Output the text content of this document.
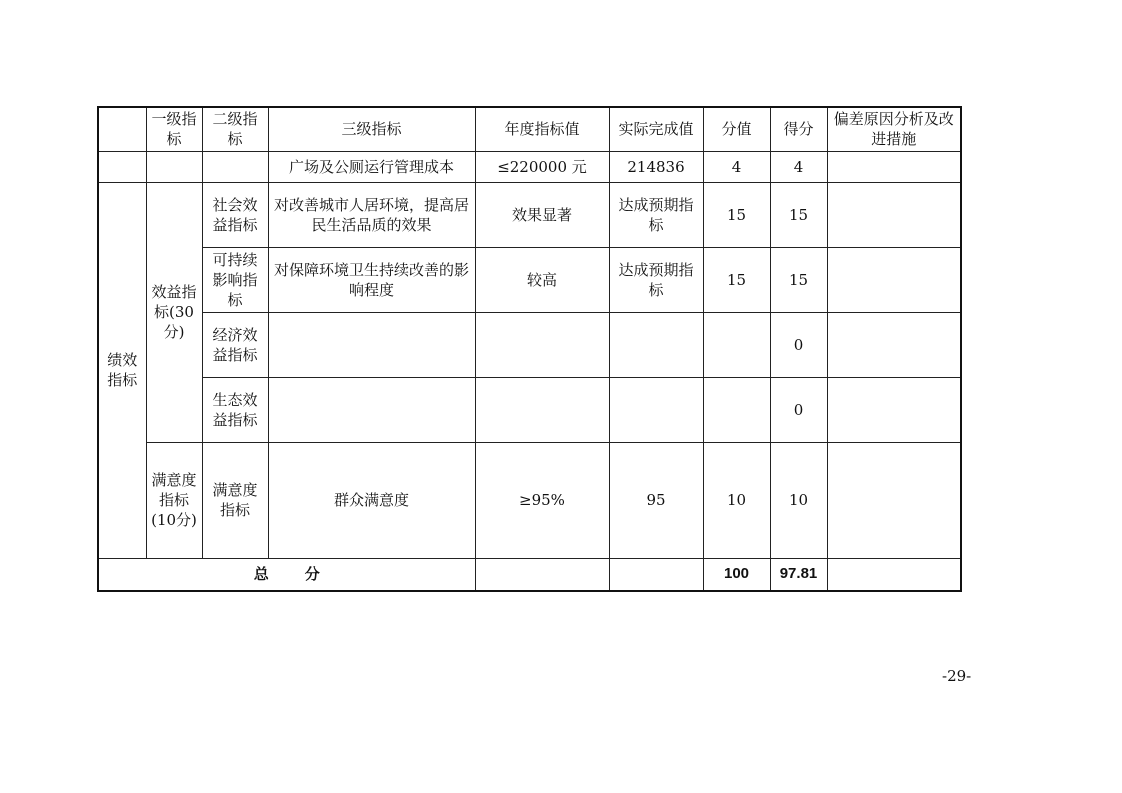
	一级指标	二级指标	三级指标	年度指标值	实际完成值	分值	得分	偏差原因分析及改进措施
			广场及公厕运行管理成本	≤220000 元	214836	4	4	
绩效指标	效益指标(30分)	社会效益指标	对改善城市人居环境，提高居民生活品质的效果	效果显著	达成预期指标	15	15	
		可持续影响指标	对保障环境卫生持续改善的影响程度	较高	达成预期指标	15	15	
		经济效益指标					0	
		生态效益指标					0	
	满意度指标(10分)	满意度指标	群众满意度	≥95%	95	10	10	
总 分						100	97.81	
-29-
